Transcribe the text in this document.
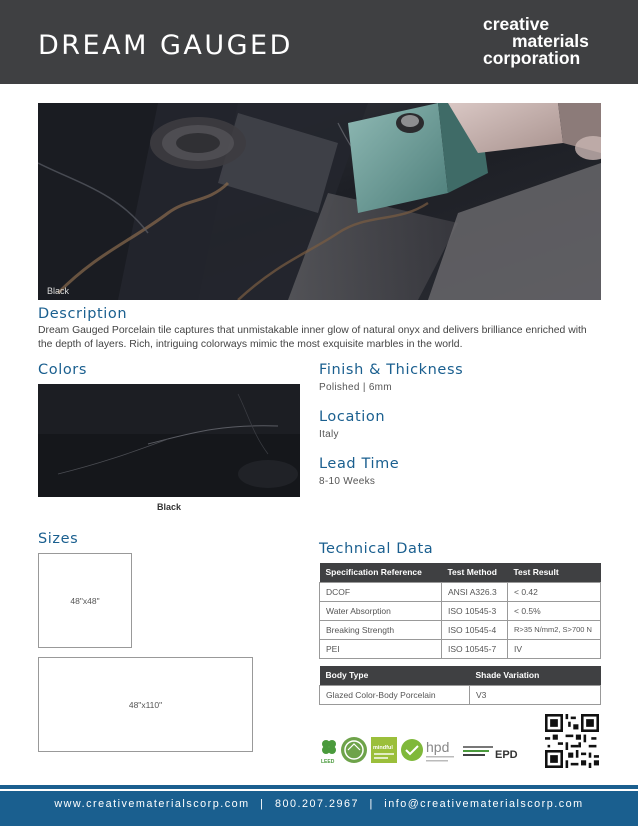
DREAM GAUGED
creative
materials
corporation
Black
Description
Dream Gauged Porcelain tile captures that unmistakable inner glow of natural onyx and delivers brilliance enriched with the depth of layers. Rich, intriguing colorways mimic the most exquisite marbles in the world.
Colors
Black
Finish & Thickness
Polished | 6mm
Location
Italy
Lead Time
8-10 Weeks
Sizes
48"x48"
48"x110"
Technical Data
Specification Reference	Test Method	Test Result
DCOF	ANSI A326.3	< 0.42
Water Absorption	ISO 10545-3	< 0.5%
Breaking Strength	ISO 10545-4	R>35 N/mm2, S>700 N
PEI	ISO 10545-7	IV
Body Type	Shade Variation
Glazed Color-Body Porcelain	V3
LEED
mindful hpd	EPD
www.creativematerialscorp.com | 800.207.2967 | info@creativematerialscorp.com
